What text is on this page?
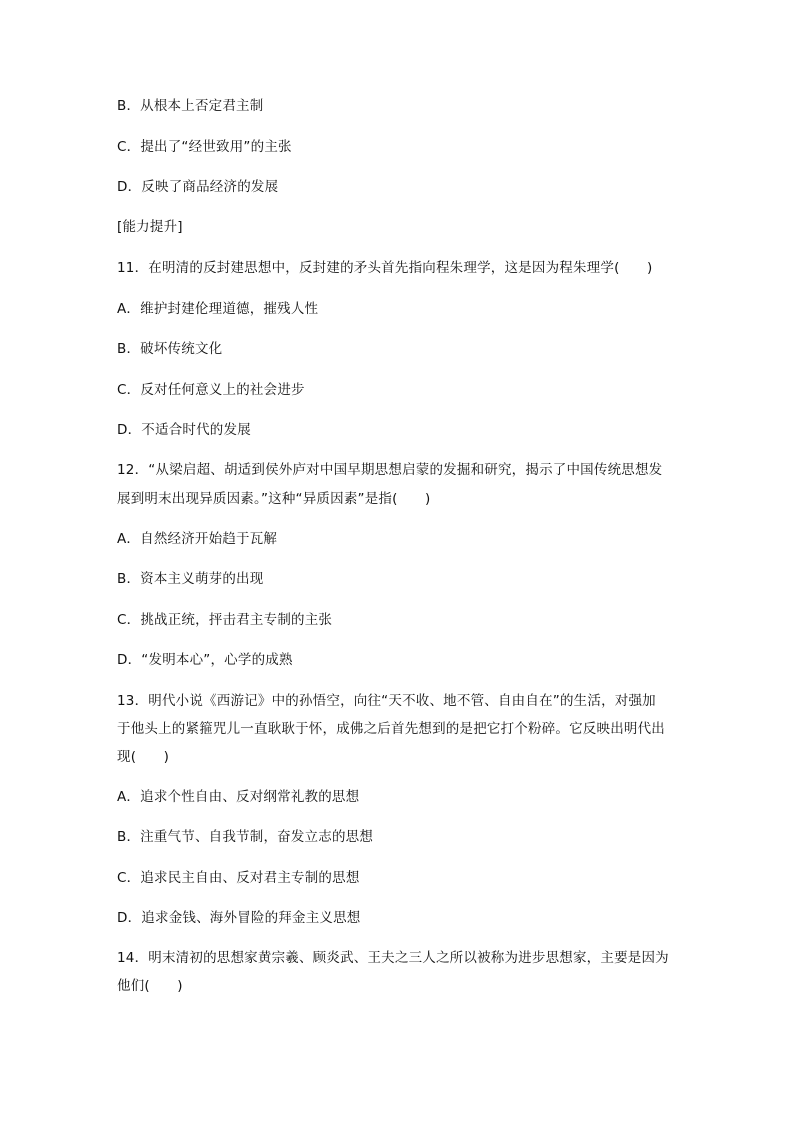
B．从根本上否定君主制
C．提出了“经世致用”的主张
D．反映了商品经济的发展
[能力提升]
11．在明清的反封建思想中，反封建的矛头首先指向程朱理学，这是因为程朱理学(　　)
A．维护封建伦理道德，摧残人性
B．破坏传统文化
C．反对任何意义上的社会进步
D．不适合时代的发展
12．“从梁启超、胡适到侯外庐对中国早期思想启蒙的发掘和研究，揭示了中国传统思想发
展到明末出现异质因素。”这种“异质因素”是指(　　)
A．自然经济开始趋于瓦解
B．资本主义萌芽的出现
C．挑战正统，抨击君主专制的主张
D．“发明本心”，心学的成熟
13．明代小说《西游记》中的孙悟空，向往“天不收、地不管、自由自在”的生活，对强加
于他头上的紧箍咒儿一直耿耿于怀，成佛之后首先想到的是把它打个粉碎。它反映出明代出
现(　　)
A．追求个性自由、反对纲常礼教的思想
B．注重气节、自我节制，奋发立志的思想
C．追求民主自由、反对君主专制的思想
D．追求金钱、海外冒险的拜金主义思想
14．明末清初的思想家黄宗羲、顾炎武、王夫之三人之所以被称为进步思想家，主要是因为
他们(　　)
